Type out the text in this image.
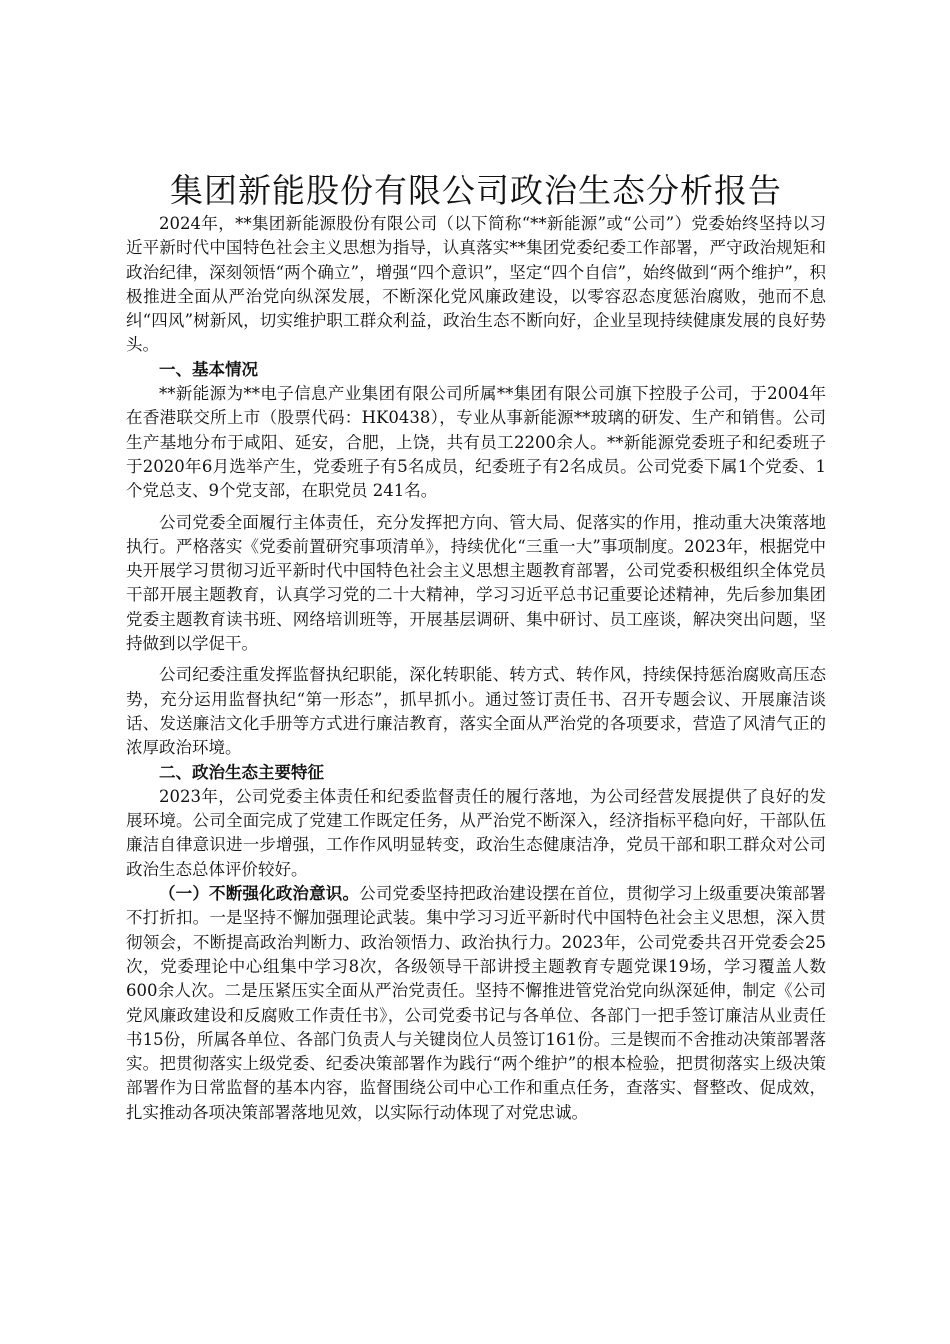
集团新能股份有限公司政治生态分析报告

2024年，**集团新能源股份有限公司（以下简称“**新能源”或“公司”）党委始终坚持以习近平新时代中国特色社会主义思想为指导，认真落实**集团党委纪委工作部署，严守政治规矩和政治纪律，深刻领悟“两个确立”，增强“四个意识”，坚定“四个自信”，始终做到“两个维护”，积极推进全面从严治党向纵深发展，不断深化党风廉政建设，以零容忍态度惩治腐败，弛而不息纠“四风”树新风，切实维护职工群众利益，政治生态不断向好，企业呈现持续健康发展的良好势头。

一、基本情况

**新能源为**电子信息产业集团有限公司所属**集团有限公司旗下控股子公司，于2004年在香港联交所上市（股票代码：HK0438），专业从事新能源**玻璃的研发、生产和销售。公司生产基地分布于咸阳、延安，合肥，上饶，共有员工2200余人。**新能源党委班子和纪委班子于2020年6月选举产生，党委班子有5名成员，纪委班子有2名成员。公司党委下属1个党委、1个党总支、9个党支部，在职党员 241名。

公司党委全面履行主体责任，充分发挥把方向、管大局、促落实的作用，推动重大决策落地执行。严格落实《党委前置研究事项清单》，持续优化“三重一大”事项制度。2023年，根据党中央开展学习贯彻习近平新时代中国特色社会主义思想主题教育部署，公司党委积极组织全体党员干部开展主题教育，认真学习党的二十大精神，学习习近平总书记重要论述精神，先后参加集团党委主题教育读书班、网络培训班等，开展基层调研、集中研讨、员工座谈，解决突出问题，坚持做到以学促干。

公司纪委注重发挥监督执纪职能，深化转职能、转方式、转作风，持续保持惩治腐败高压态势，充分运用监督执纪“第一形态”，抓早抓小。通过签订责任书、召开专题会议、开展廉洁谈话、发送廉洁文化手册等方式进行廉洁教育，落实全面从严治党的各项要求，营造了风清气正的浓厚政治环境。

二、政治生态主要特征

2023年，公司党委主体责任和纪委监督责任的履行落地，为公司经营发展提供了良好的发展环境。公司全面完成了党建工作既定任务，从严治党不断深入，经济指标平稳向好，干部队伍廉洁自律意识进一步增强，工作作风明显转变，政治生态健康洁净，党员干部和职工群众对公司政治生态总体评价较好。

（一）不断强化政治意识。公司党委坚持把政治建设摆在首位，贯彻学习上级重要决策部署不打折扣。一是坚持不懈加强理论武装。集中学习习近平新时代中国特色社会主义思想，深入贯彻领会，不断提高政治判断力、政治领悟力、政治执行力。2023年，公司党委共召开党委会25次，党委理论中心组集中学习8次，各级领导干部讲授主题教育专题党课19场，学习覆盖人数600余人次。二是压紧压实全面从严治党责任。坚持不懈推进管党治党向纵深延伸，制定《公司党风廉政建设和反腐败工作责任书》，公司党委书记与各单位、各部门一把手签订廉洁从业责任书15份，所属各单位、各部门负责人与关键岗位人员签订161份。三是锲而不舍推动决策部署落实。把贯彻落实上级党委、纪委决策部署作为践行“两个维护”的根本检验，把贯彻落实上级决策部署作为日常监督的基本内容，监督围绕公司中心工作和重点任务，查落实、督整改、促成效，扎实推动各项决策部署落地见效，以实际行动体现了对党忠诚。
